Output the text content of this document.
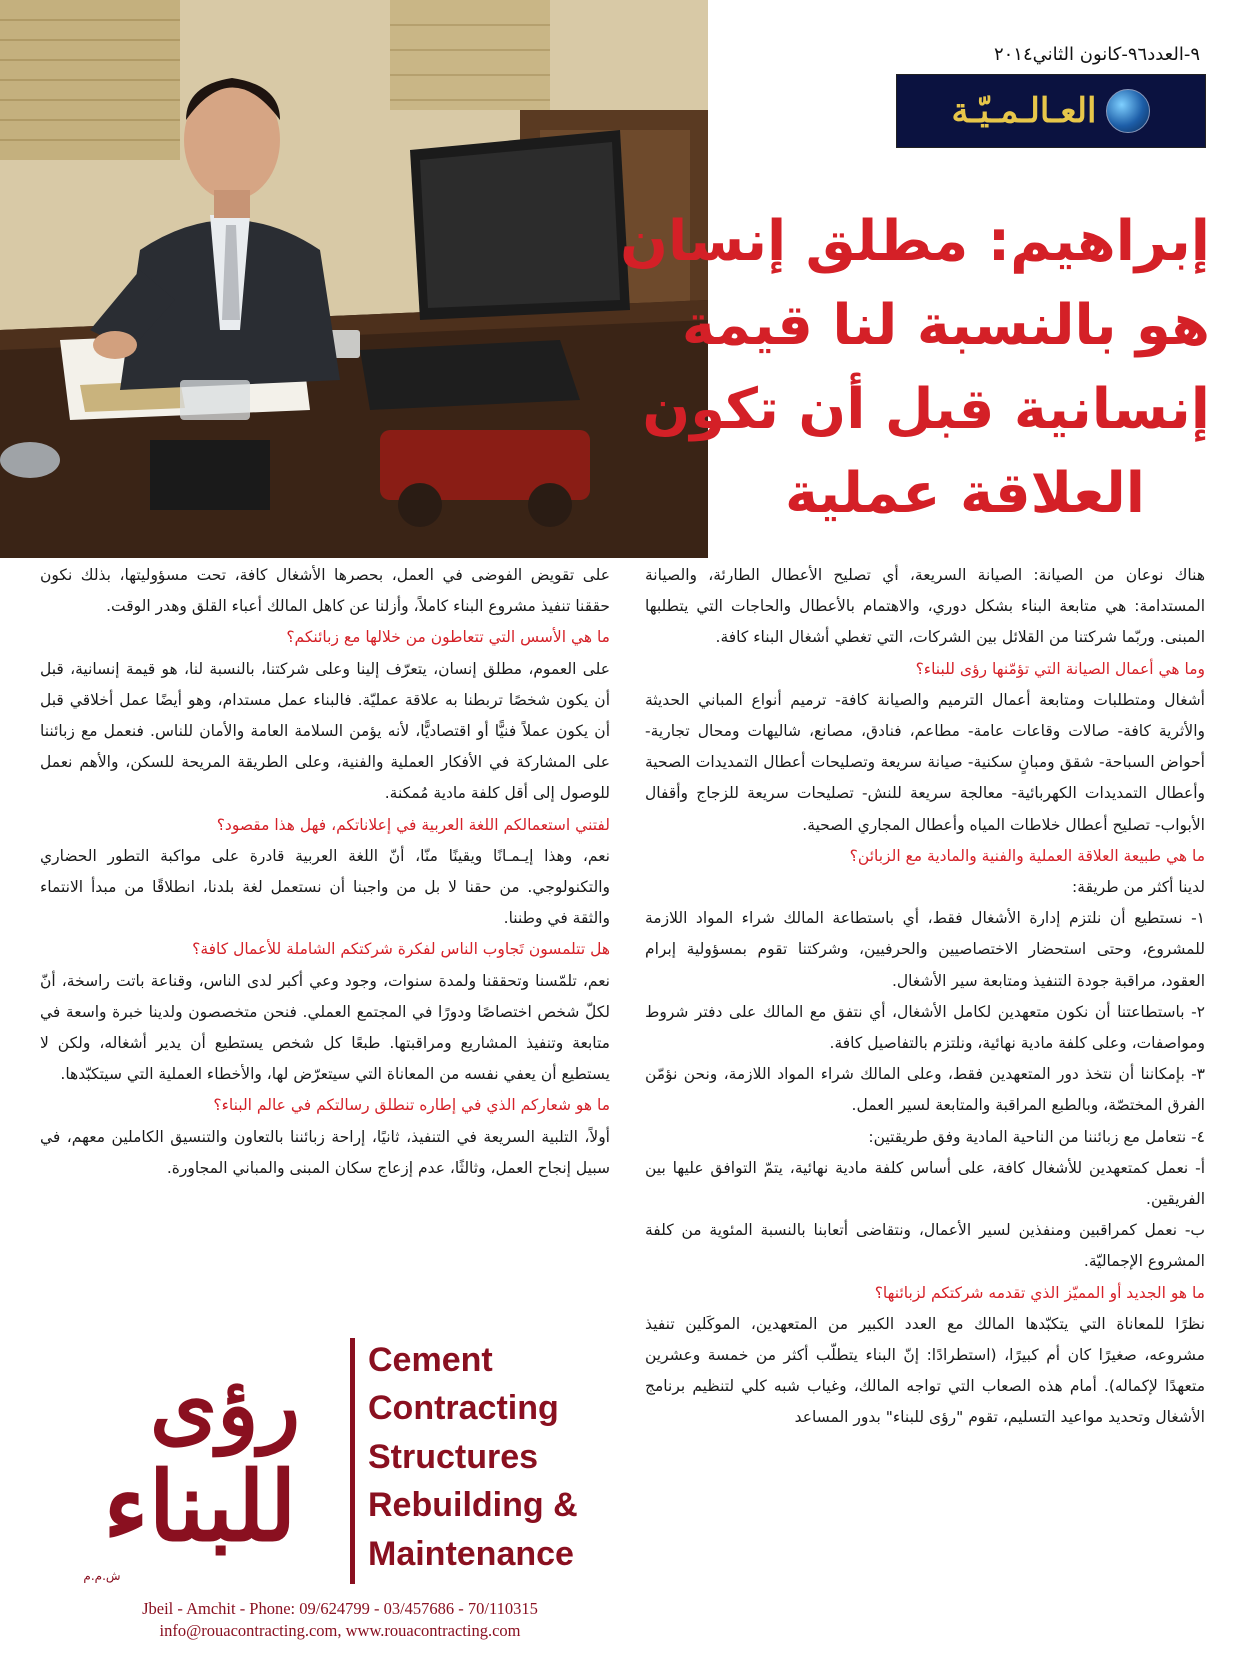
٩-العدد٩٦-كانون الثاني٢٠١٤
العـالـمـيّـة
إبراهيم: مطلق إنسان
هو بالنسبة لنا قيمة
إنسانية قبل أن تكون
العلاقة عملية

هناك نوعان من الصيانة: الصيانة السريعة، أي تصليح الأعطال الطارئة، والصيانة المستدامة: هي متابعة البناء بشكل دوري، والاهتمام بالأعطال والحاجات التي يتطلبها المبنى. وربّما شركتنا من القلائل بين الشركات، التي تغطي أشغال البناء كافة.

وما هي أعمال الصيانة التي تؤمّنها رؤى للبناء؟

أشغال ومتطلبات ومتابعة أعمال الترميم والصيانة كافة- ترميم أنواع المباني الحديثة والأثرية كافة- صالات وقاعات عامة- مطاعم، فنادق، مصانع، شاليهات ومحال تجارية- أحواض السباحة- شقق ومبانٍ سكنية- صيانة سريعة وتصليحات أعطال التمديدات الصحية وأعطال التمديدات الكهربائية- معالجة سريعة للنش- تصليحات سريعة للزجاج وأقفال الأبواب- تصليح أعطال خلاطات المياه وأعطال المجاري الصحية.

ما هي طبيعة العلاقة العملية والفنية والمادية مع الزبائن؟

لدينا أكثر من طريقة:

١- نستطيع أن نلتزم إدارة الأشغال فقط، أي باستطاعة المالك شراء المواد اللازمة للمشروع، وحتى استحضار الاختصاصيين والحرفيين، وشركتنا تقوم بمسؤولية إبرام العقود، مراقبة جودة التنفيذ ومتابعة سير الأشغال.

٢- باستطاعتنا أن نكون متعهدين لكامل الأشغال، أي نتفق مع المالك على دفتر شروط ومواصفات، وعلى كلفة مادية نهائية، ونلتزم بالتفاصيل كافة.

٣- بإمكاننا أن نتخذ دور المتعهدين فقط، وعلى المالك شراء المواد اللازمة، ونحن نؤمّن الفرق المختصّة، وبالطبع المراقبة والمتابعة لسير العمل.

٤- نتعامل مع زبائننا من الناحية المادية وفق طريقتين:

أ- نعمل كمتعهدين للأشغال كافة، على أساس كلفة مادية نهائية، يتمّ التوافق عليها بين الفريقين.

ب- نعمل كمراقبين ومنفذين لسير الأعمال، ونتقاضى أتعابنا بالنسبة المئوية من كلفة المشروع الإجماليّة.

ما هو الجديد أو المميّز الذي تقدمه شركتكم لزبائنها؟

نظرًا للمعاناة التي يتكبّدها المالك مع العدد الكبير من المتعهدين، الموكَلين تنفيذ مشروعه، صغيرًا كان أم كبيرًا، (استطرادًا: إنّ البناء يتطلّب أكثر من خمسة وعشرين متعهدًا لإكماله). أمام هذه الصعاب التي تواجه المالك، وغياب شبه كلي لتنظيم برنامج الأشغال وتحديد مواعيد التسليم، تقوم "رؤى للبناء" بدور المساعد

على تقويض الفوضى في العمل، بحصرها الأشغال كافة، تحت مسؤوليتها، بذلك نكون حققنا تنفيذ مشروع البناء كاملاً، وأزلنا عن كاهل المالك أعباء القلق وهدر الوقت.

ما هي الأسس التي تتعاطون من خلالها مع زبائنكم؟

على العموم، مطلق إنسان، يتعرّف إلينا وعلى شركتنا، بالنسبة لنا، هو قيمة إنسانية، قبل أن يكون شخصًا تربطنا به علاقة عمليّة. فالبناء عمل مستدام، وهو أيضًا عمل أخلاقي قبل أن يكون عملاً فنيًّا أو اقتصاديًّا، لأنه يؤمن السلامة العامة والأمان للناس. فنعمل مع زبائننا على المشاركة في الأفكار العملية والفنية، وعلى الطريقة المريحة للسكن، والأهم نعمل للوصول إلى أقل كلفة مادية مُمكنة.

لفتني استعمالكم اللغة العربية في إعلاناتكم، فهل هذا مقصود؟

نعم، وهذا إيـمـانًا ويقينًا منّا، أنّ اللغة العربية قادرة على مواكبة التطور الحضاري والتكنولوجي. من حقنا لا بل من واجبنا أن نستعمل لغة بلدنا، انطلاقًا من مبدأ الانتماء والثقة في وطننا.

هل تتلمسون تَجاوب الناس لفكرة شركتكم الشاملة للأعمال كافة؟

نعم، تلمّسنا وتحققنا ولمدة سنوات، وجود وعي أكبر لدى الناس، وقناعة باتت راسخة، أنّ لكلّ شخص اختصاصًا ودورًا في المجتمع العملي. فنحن متخصصون ولدينا خبرة واسعة في متابعة وتنفيذ المشاريع ومراقبتها. طبعًا كل شخص يستطيع أن يدير أشغاله، ولكن لا يستطيع أن يعفي نفسه من المعاناة التي سيتعرّض لها، والأخطاء العملية التي سيتكبّدها.

ما هو شعاركم الذي في إطاره تنطلق رسالتكم في عالم البناء؟

أولاً، التلبية السريعة في التنفيذ، ثانيًا، إراحة زبائننا بالتعاون والتنسيق الكاملين معهم، في سبيل إنجاح العمل، وثالثًا، عدم إزعاج سكان المبنى والمباني المجاورة.

رؤى
للبناء
ش.م.م
Cement
Contracting
Structures
Rebuilding &
Maintenance
Jbeil - Amchit - Phone: 09/624799 - 03/457686 - 70/110315
info@rouacontracting.com, www.rouacontracting.com
